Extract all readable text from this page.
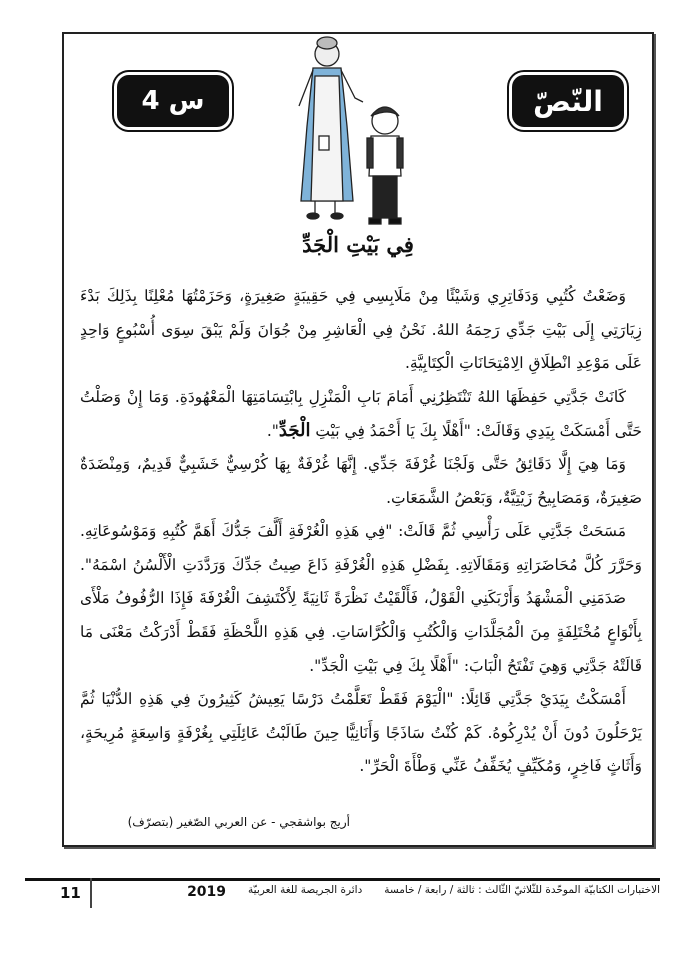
س 4	النّصّ
فِي بَيْتِ الْجَدِّ
وَضَعْتُ كُتُبِي وَدَفَاتِرِي وَشَيْئًا مِنْ مَلَابِسِي فِي حَقِيبَةٍ صَغِيرَةٍ، وَحَزَمْتُهَا مُعْلِنًا بِذَلِكَ بَدْءَ
زِيَارَتِي إِلَى بَيْتِ جَدِّي رَحِمَهُ اللهُ. نَحْنُ فِي الْعَاشِرِ مِنْ جُوَانَ وَلَمْ يَبْقَ سِوَى أُسْبُوعٍ وَاحِدٍ
عَلَى مَوْعِدِ انْطِلَاقِ الِامْتِحَانَاتِ الْكِتَابِيَّةِ.
كَانَتْ جَدَّتِي حَفِظَهَا اللهُ تَنْتَظِرُنِي أَمَامَ بَابِ الْمَنْزِلِ بِابْتِسَامَتِهَا الْمَعْهُودَةِ. وَمَا إِنْ وَصَلْتُ
حَتَّى أَمْسَكَتْ بِيَدِي وَقَالَتْ: "أَهْلًا بِكَ يَا أَحْمَدُ فِي بَيْتِ الْجَدِّ".
وَمَا هِيَ إِلَّا دَقَائِقُ حَتَّى وَلَجْنَا غُرْفَةَ جَدِّي. إِنَّهَا غُرْفَةٌ بِهَا كُرْسِيٌّ خَشَبِيٌّ قَدِيمٌ، وَمِنْضَدَةٌ
صَغِيرَةٌ، وَمَصَابِيحُ زَيْتِيَّةٌ، وَبَعْضُ الشَّمَعَاتِ.
مَسَحَتْ جَدَّتِي عَلَى رَأْسِي ثُمَّ قَالَتْ: "فِي هَذِهِ الْغُرْفَةِ أَلَّفَ جَدُّكَ أَهَمَّ كُتُبِهِ وَمَوْسُوعَاتِهِ.
وَحَرَّرَ كُلَّ مُحَاضَرَاتِهِ وَمَقَالَاتِهِ. بِفَضْلِ هَذِهِ الْغُرْفَةِ ذَاعَ صِيتُ جَدِّكَ وَرَدَّدَتِ الْأَلْسُنُ اسْمَهُ".
صَدَمَنِي الْمَشْهَدُ وَأَرْبَكَنِي الْقَوْلُ، فَأَلْقَيْتُ نَظْرَةً ثَانِيَةً لِأَكْتَشِفَ الْغُرْفَةَ فَإِذَا الرُّفُوفُ مَلْأَى
بِأَنْوَاعٍ مُخْتَلِفَةٍ مِنَ الْمُجَلَّدَاتِ وَالْكُتُبِ وَالْكُرَّاسَاتِ. فِي هَذِهِ اللَّحْظَةِ فَقَطْ أَدْرَكْتُ مَعْنَى مَا
قَالَتْهُ جَدَّتِي وَهِيَ تَفْتَحُ الْبَابَ: "أَهْلًا بِكَ فِي بَيْتِ الْجَدِّ".
أَمْسَكْتُ بِيَدَيْ جَدَّتِي قَائِلًا: "الْيَوْمَ فَقَطْ تَعَلَّمْتُ دَرْسًا يَعِيشُ كَثِيرُونَ فِي هَذِهِ الدُّنْيَا ثُمَّ
يَرْحَلُونَ دُونَ أَنْ يُدْرِكُوهُ. كَمْ كُنْتُ سَاذَجًا وَأَنَانِيًّا حِينَ طَالَبْتُ عَائِلَتِي بِغُرْفَةٍ وَاسِعَةٍ مُرِيحَةٍ،
وَأَثَاثٍ فَاخِرٍ، وَمُكَيِّفٍ يُخَفِّفُ عَنِّي وَطْأَةَ الْحَرِّ".
أريج بواشقجي - عن العربي الصّغير (بتصرّف)
11	الاختبارات الكتابيّة الموحّدة للثّلاثيّ الثّالث : ثالثة / رابعة / خامسة
دائرة الجريصة للغة العربيّة
2019
